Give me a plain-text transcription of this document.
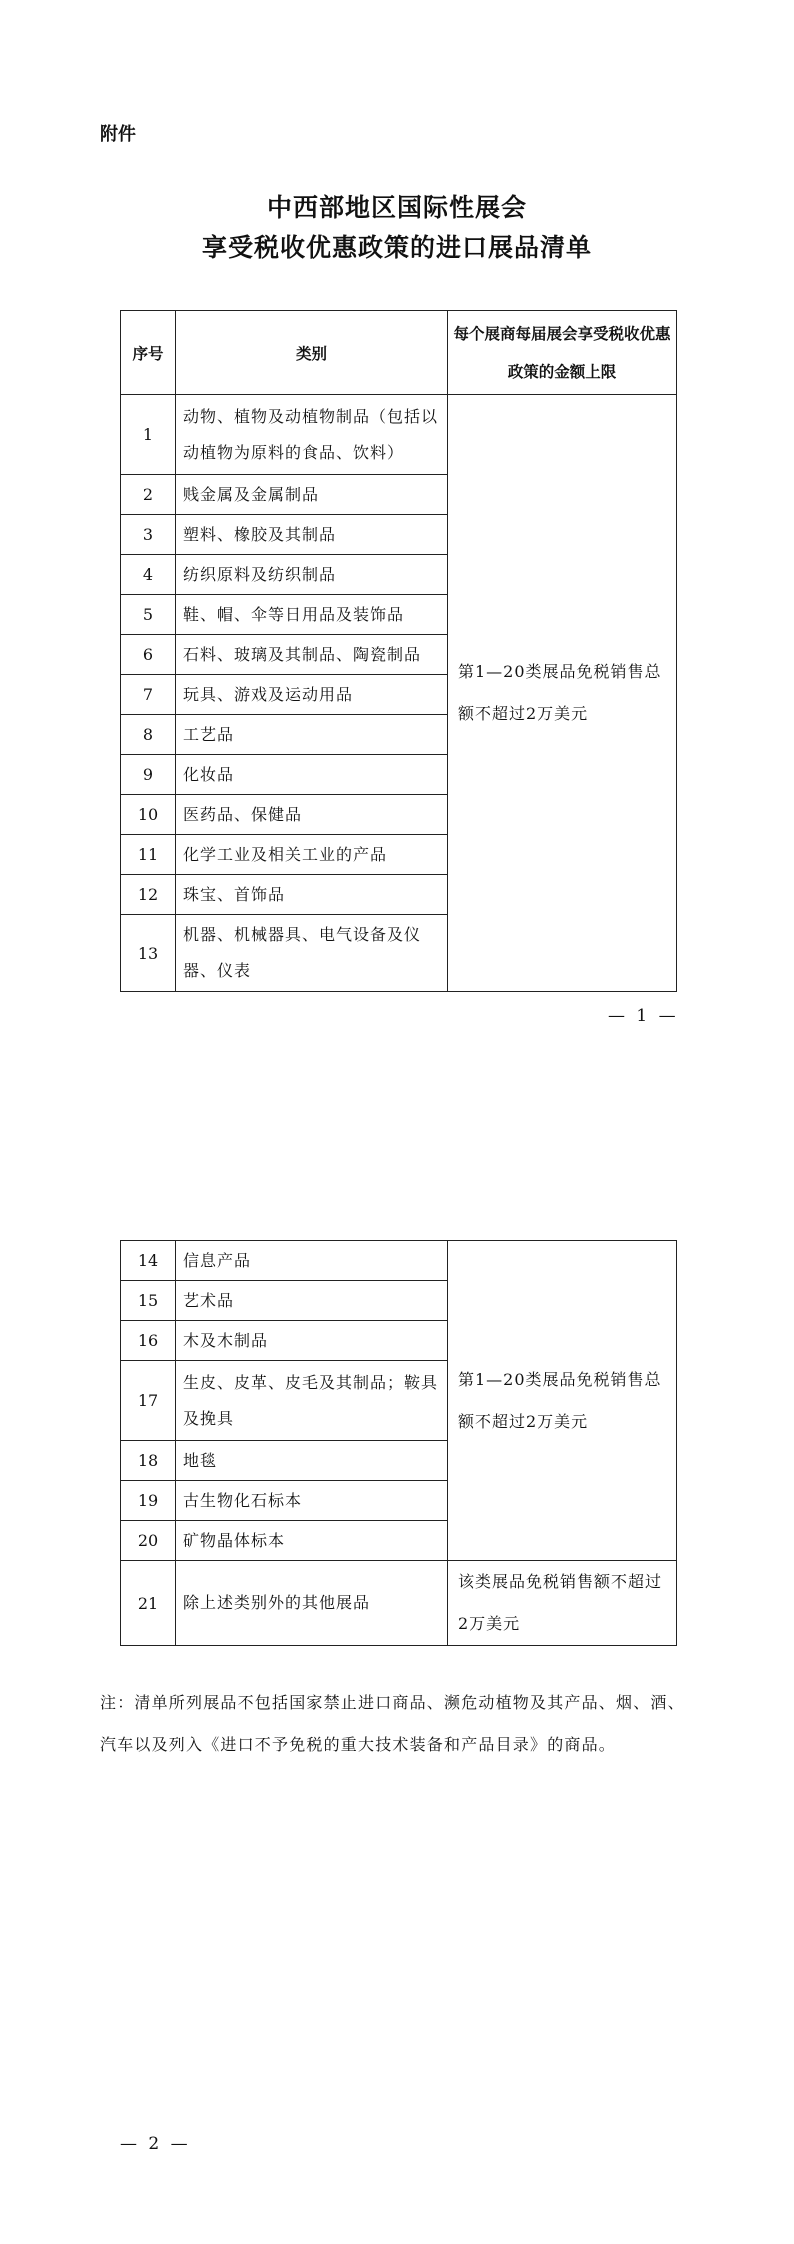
附件
中西部地区国际性展会
享受税收优惠政策的进口展品清单
序号	类别	每个展商每届展会享受税收优惠政策的金额上限
1	动物、植物及动植物制品（包括以动植物为原料的食品、饮料）	第1—20类展品免税销售总额不超过2万美元
2	贱金属及金属制品	
3	塑料、橡胶及其制品	
4	纺织原料及纺织制品	
5	鞋、帽、伞等日用品及装饰品	
6	石料、玻璃及其制品、陶瓷制品	
7	玩具、游戏及运动用品	
8	工艺品	
9	化妆品	
10	医药品、保健品	
11	化学工业及相关工业的产品	
12	珠宝、首饰品	
13	机器、机械器具、电气设备及仪器、仪表	
— 1 —
14	信息产品	第1—20类展品免税销售总额不超过2万美元
15	艺术品	
16	木及木制品	
17	生皮、皮革、皮毛及其制品；鞍具及挽具	
18	地毯	
19	古生物化石标本	
20	矿物晶体标本	
21	除上述类别外的其他展品	该类展品免税销售额不超过2万美元
注：清单所列展品不包括国家禁止进口商品、濒危动植物及其产品、烟、酒、汽车以及列入《进口不予免税的重大技术装备和产品目录》的商品。
— 2 —
